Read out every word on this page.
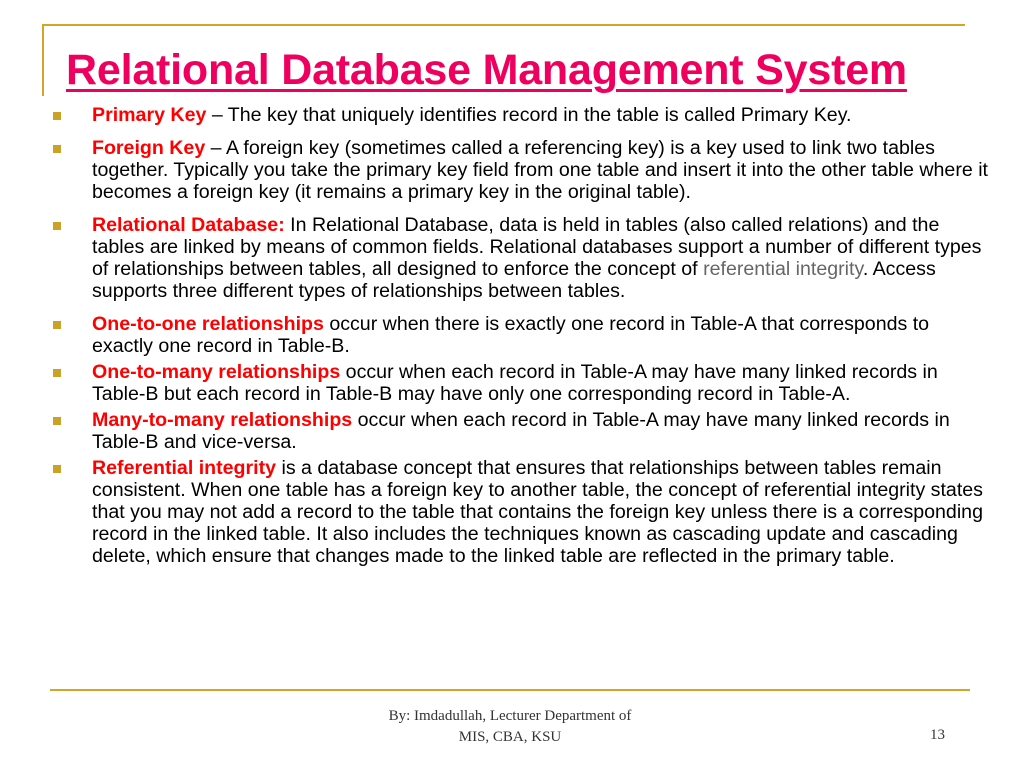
Relational Database Management System
Primary Key – The key that uniquely identifies record in the table is called Primary Key.
Foreign Key – A foreign key (sometimes called a referencing key) is a key used to link two tables together. Typically you take the primary key field from one table and insert it into the other table where it becomes a foreign key (it remains a primary key in the original table).
Relational Database: In Relational Database, data is held in tables (also called relations) and the tables are linked by means of common fields. Relational databases support a number of different types of relationships between tables, all designed to enforce the concept of referential integrity. Access supports three different types of relationships between tables.
One-to-one relationships occur when there is exactly one record in Table-A that corresponds to exactly one record in Table-B.
One-to-many relationships occur when each record in Table-A may have many linked records in Table-B but each record in Table-B may have only one corresponding record in Table-A.
Many-to-many relationships occur when each record in Table-A may have many linked records in Table-B and vice-versa.
Referential integrity is a database concept that ensures that relationships between tables remain consistent. When one table has a foreign key to another table, the concept of referential integrity states that you may not add a record to the table that contains the foreign key unless there is a corresponding record in the linked table. It also includes the techniques known as cascading update and cascading delete, which ensure that changes made to the linked table are reflected in the primary table.
By: Imdadullah, Lecturer Department of
MIS, CBA, KSU	13
